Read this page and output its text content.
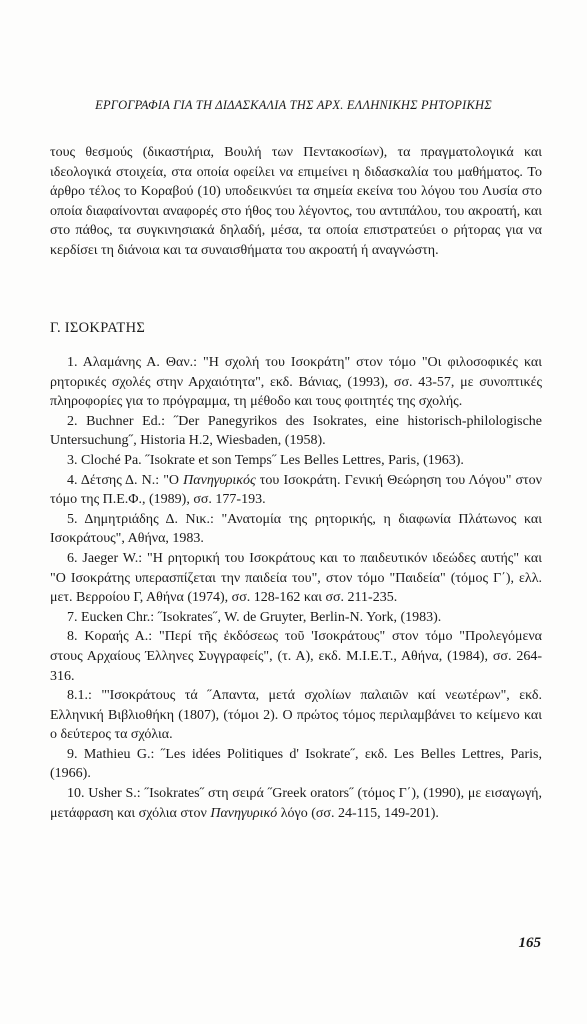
ΕΡΓΟΓΡΑΦΙΑ ΓΙΑ ΤΗ ΔΙΔΑΣΚΑΛΙΑ ΤΗΣ ΑΡΧ. ΕΛΛΗΝΙΚΗΣ ΡΗΤΟΡΙΚΗΣ

τους θεσμούς (δικαστήρια, Βουλή των Πεντακοσίων), τα πραγματολογικά και ιδεολογικά στοιχεία, στα οποία οφείλει να επιμείνει η διδασκαλία του μαθήματος. Το άρθρο τέλος το Κοραβού (10) υποδεικνύει τα σημεία εκείνα του λόγου του Λυσία στο οποία διαφαίνονται αναφορές στο ήθος του λέγοντος, του αντιπάλου, του ακροατή, και στο πάθος, τα συγκινησιακά δηλαδή, μέσα, τα οποία επιστρατεύει ο ρήτορας για να κερδίσει τη διάνοια και τα συναισθήματα του ακροατή ή αναγνώστη.

Γ. ΙΣΟΚΡΑΤΗΣ

1. Αλαμάνης Α. Θαν.: "Η σχολή του Ισοκράτη" στον τόμο "Οι φιλοσοφικές και ρητορικές σχολές στην Αρχαιότητα", εκδ. Βάνιας, (1993), σσ. 43-57, με συνοπτικές πληροφορίες για το πρόγραμμα, τη μέθοδο και τους φοιτητές της σχολής.

2. Buchner Ed.: ˝Der Panegyrikos des Isokrates, eine historisch-philologische Untersuchung˝, Historia H.2, Wiesbaden, (1958).

3. Cloché Pa. ˝Isokrate et son Temps˝ Les Belles Lettres, Paris, (1963).

4. Δέτσης Δ. Ν.: "Ο Πανηγυρικός του Ισοκράτη. Γενική Θεώρηση του Λόγου" στον τόμο της Π.Ε.Φ., (1989), σσ. 177-193.

5. Δημητριάδης Δ. Νικ.: "Ανατομία της ρητορικής, η διαφωνία Πλάτωνος και Ισοκράτους", Αθήνα, 1983.

6. Jaeger W.: "Η ρητορική του Ισοκράτους και το παιδευτικόν ιδεώδες αυτής" και "Ο Ισοκράτης υπερασπίζεται την παιδεία του", στον τόμο "Παιδεία" (τόμος Γ΄), ελλ. μετ. Βερροίου Γ, Αθήνα (1974), σσ. 128-162 και σσ. 211-235.

7. Eucken Chr.: ˝Isokrates˝, W. de Gruyter, Berlin-N. York, (1983).

8. Κοραής Α.: "Περί τῆς ἐκδόσεως τοῦ 'Ισοκράτους" στον τόμο "Προλεγόμενα στους Αρχαίους Έλληνες Συγγραφείς", (τ. Α), εκδ. Μ.Ι.Ε.Τ., Αθήνα, (1984), σσ. 264-316.

8.1.: "'Ισοκράτους τά ˝Απαντα, μετά σχολίων παλαιῶν καί νεωτέρων", εκδ. Ελληνική Βιβλιοθήκη (1807), (τόμοι 2). Ο πρώτος τόμος περιλαμβάνει το κείμενο και ο δεύτερος τα σχόλια.

9. Mathieu G.: ˝Les idées Politiques d' Isokrate˝, εκδ. Les Belles Lettres, Paris, (1966).

10. Usher S.: ˝Isokrates˝ στη σειρά ˝Greek orators˝ (τόμος Γ΄), (1990), με εισαγωγή, μετάφραση και σχόλια στον Πανηγυρικό λόγο (σσ. 24-115, 149-201).

165
